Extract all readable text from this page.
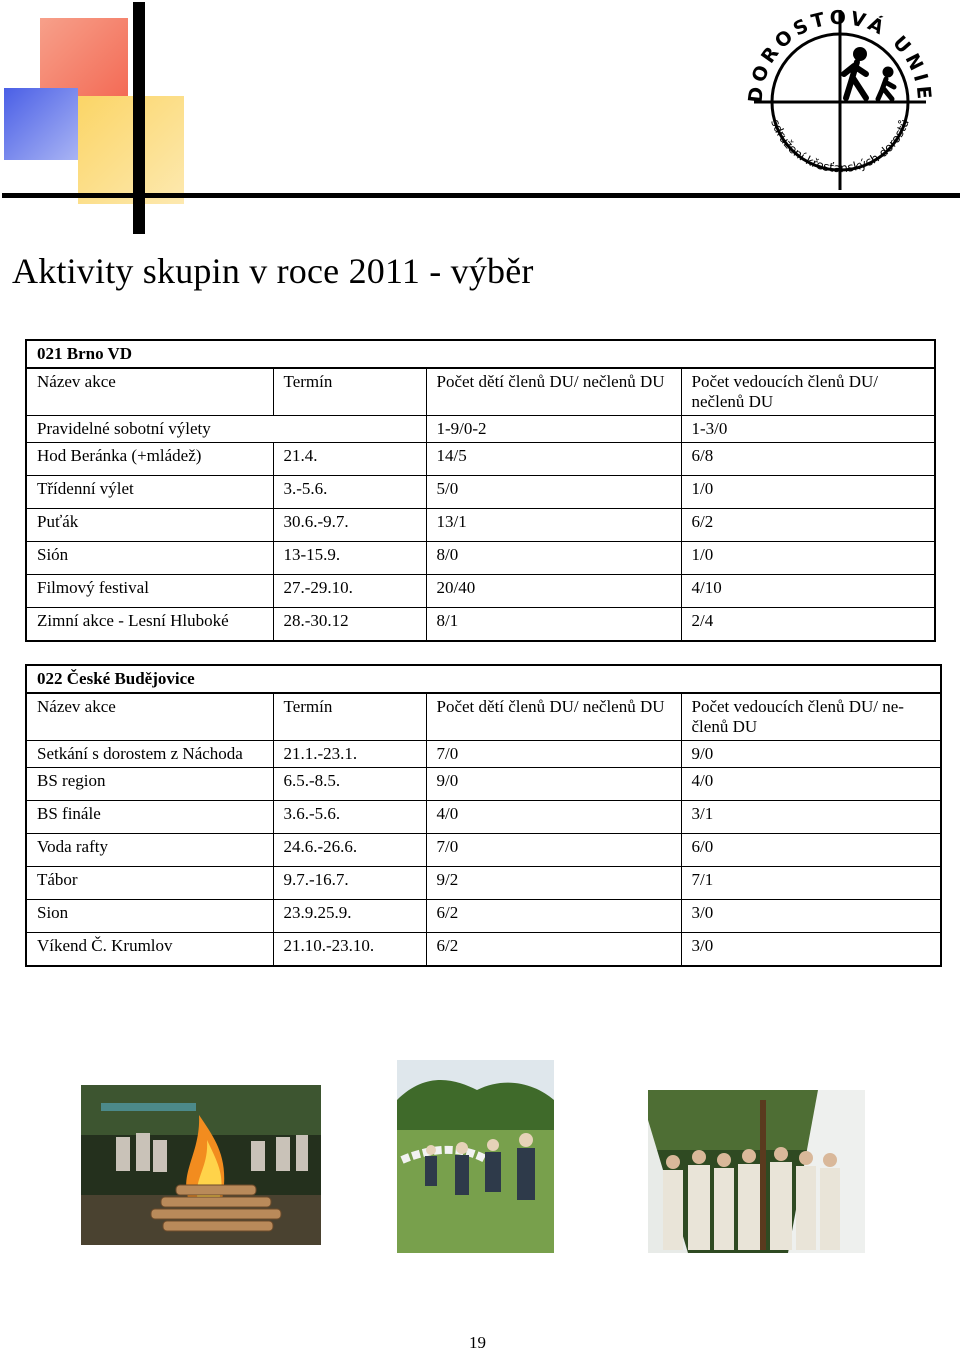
DOROSTOVÁ UNIE
sdružení křesťanských dorostů
Aktivity skupin v roce 2011 - výběr
021 Brno VD			
Název akce	Termín	Počet dětí členů DU/ nečlenů DU	Počet vedoucích členů DU/ nečlenů DU
Pravidelné sobotní výlety		1-9/0-2	1-3/0
Hod Beránka (+mládež)	21.4.	14/5	6/8
Třídenní výlet	3.-5.6.	5/0	1/0
Puťák	30.6.-9.7.	13/1	6/2
Sión	13-15.9.	8/0	1/0
Filmový festival	27.-29.10.	20/40	4/10
Zimní akce - Lesní Hluboké	28.-30.12	8/1	2/4
022 České Budějovice			
Název akce	Termín	Počet dětí členů DU/ nečlenů DU	Počet vedoucích členů DU/ ne-členů DU
Setkání s dorostem z Náchoda	21.1.-23.1.	7/0	9/0
BS region	6.5.-8.5.	9/0	4/0
BS finále	3.6.-5.6.	4/0	3/1
Voda rafty	24.6.-26.6.	7/0	6/0
Tábor	9.7.-16.7.	9/2	7/1
Sion	23.9.25.9.	6/2	3/0
Víkend Č. Krumlov	21.10.-23.10.	6/2	3/0
19
